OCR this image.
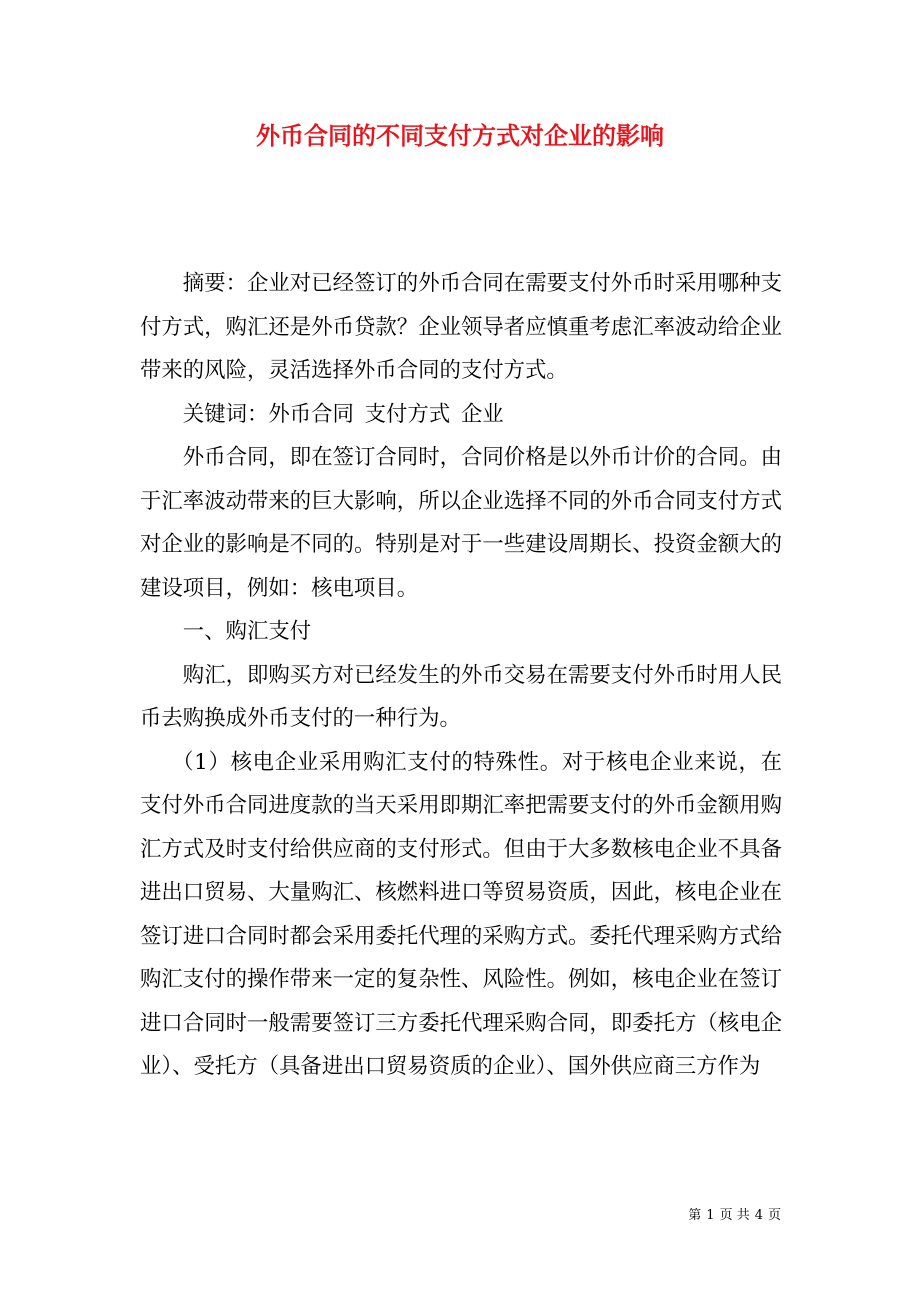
外币合同的不同支付方式对企业的影响

摘要：企业对已经签订的外币合同在需要支付外币时采用哪种支付方式，购汇还是外币贷款？企业领导者应慎重考虑汇率波动给企业带来的风险，灵活选择外币合同的支付方式。

关键词：外币合同 支付方式 企业

外币合同，即在签订合同时，合同价格是以外币计价的合同。由于汇率波动带来的巨大影响，所以企业选择不同的外币合同支付方式对企业的影响是不同的。特别是对于一些建设周期长、投资金额大的建设项目，例如：核电项目。

一、购汇支付

购汇，即购买方对已经发生的外币交易在需要支付外币时用人民币去购换成外币支付的一种行为。

（1）核电企业采用购汇支付的特殊性。对于核电企业来说，在支付外币合同进度款的当天采用即期汇率把需要支付的外币金额用购汇方式及时支付给供应商的支付形式。但由于大多数核电企业不具备进出口贸易、大量购汇、核燃料进口等贸易资质，因此，核电企业在签订进口合同时都会采用委托代理的采购方式。委托代理采购方式给购汇支付的操作带来一定的复杂性、风险性。例如，核电企业在签订进口合同时一般需要签订三方委托代理采购合同，即委托方（核电企业）、受托方（具备进出口贸易资质的企业）、国外供应商三方作为

第 1 页 共 4 页
